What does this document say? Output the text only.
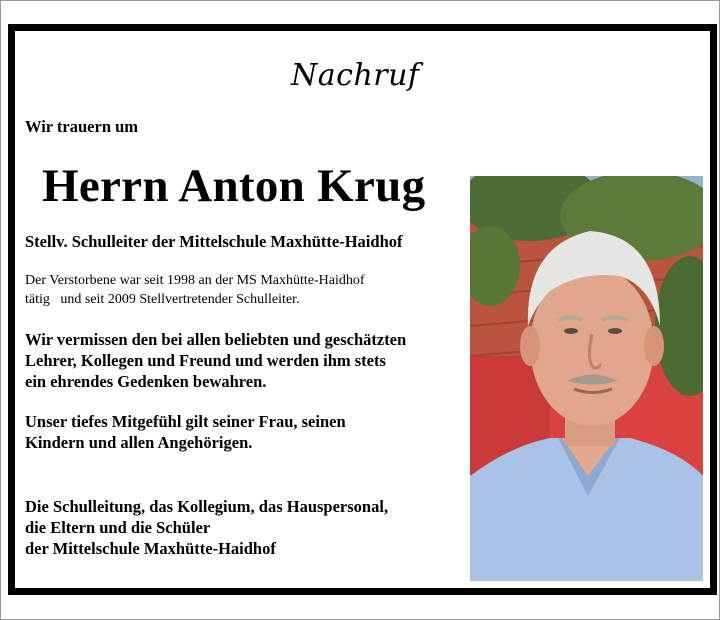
Nachruf
Wir trauern um
Herrn Anton Krug
Stellv. Schulleiter der Mittelschule Maxhütte-Haidhof
Der Verstorbene war seit 1998 an der MS Maxhütte-Haidhof
tätig   und seit 2009 Stellvertretender Schulleiter.
Wir vermissen den bei allen beliebten und geschätzten
Lehrer, Kollegen und Freund und werden ihm stets
ein ehrendes Gedenken bewahren.
Unser tiefes Mitgefühl gilt seiner Frau, seinen
Kindern und allen Angehörigen.
Die Schulleitung, das Kollegium, das Hauspersonal,
die Eltern und die Schüler
der Mittelschule Maxhütte-Haidhof
